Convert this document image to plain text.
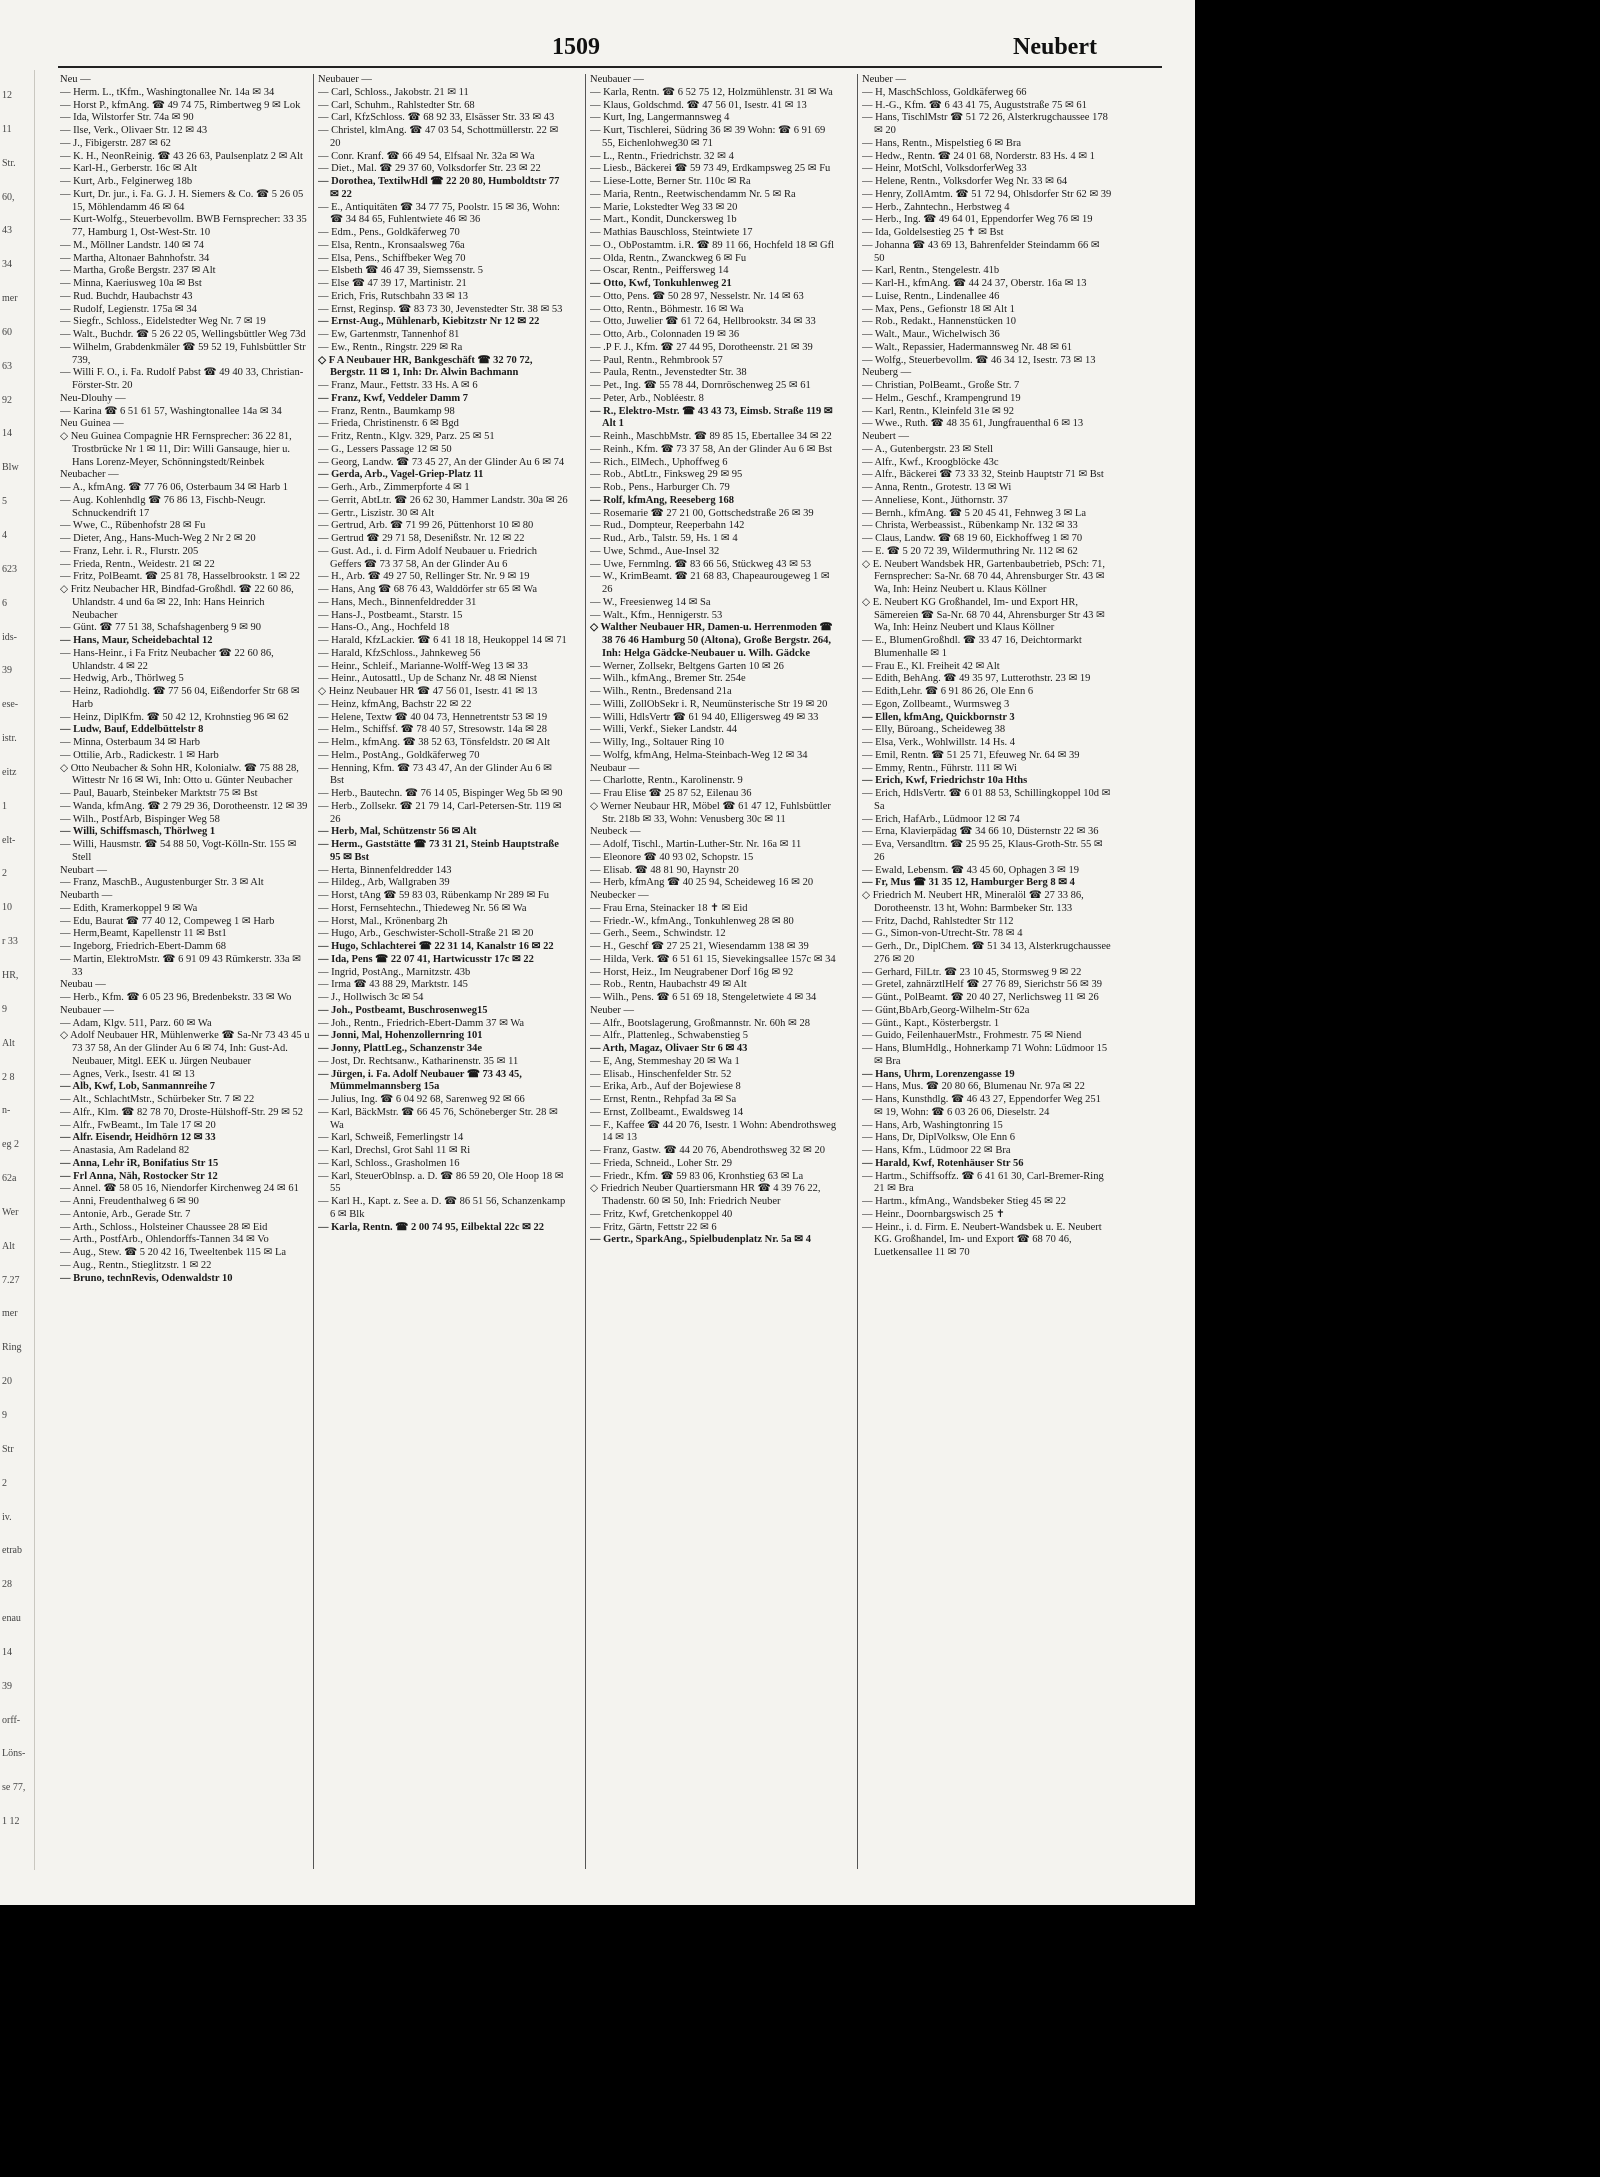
12
11
Str.
60,
43
34
mer
60
63
92
14
Blw
5
4
623
6
ids-
39
ese-
istr.
eitz
1
elt-
2
10
r 33
HR,
9
Alt
2 8
n-
eg 2
62a
Wer
Alt
7.27
mer
Ring
20
9
Str
2
iv.
etrab
28
enau
14
39
orff-
Löns-
se 77,
1 12
1509	Neubert
Neu —
— Herm. L., tKfm., Washingtonallee Nr. 14a ✉ 34
— Horst P., kfmAng. ☎ 49 74 75, Rimbertweg 9 ✉ Lok
— Ida, Wilstorfer Str. 74a ✉ 90
— Ilse, Verk., Olivaer Str. 12 ✉ 43
— J., Fibigerstr. 287 ✉ 62
— K. H., NeonReinig. ☎ 43 26 63, Paulsenplatz 2 ✉ Alt
— Karl-H., Gerberstr. 16c ✉ Alt
— Kurt, Arb., Felginerweg 18b
— Kurt, Dr. jur., i. Fa. G. J. H. Siemers & Co. ☎ 5 26 05 15, Möhlendamm 46 ✉ 64
— Kurt-Wolfg., Steuerbevollm. BWB Fernsprecher: 33 35 77, Hamburg 1, Ost-West-Str. 10
— M., Möllner Landstr. 140 ✉ 74
— Martha, Altonaer Bahnhofstr. 34
— Martha, Große Bergstr. 237 ✉ Alt
— Minna, Kaeriusweg 10a ✉ Bst
— Rud. Buchdr, Haubachstr 43
— Rudolf, Legienstr. 175a ✉ 34
— Siegfr., Schloss., Eidelstedter Weg Nr. 7 ✉ 19
— Walt., Buchdr. ☎ 5 26 22 05, Wellingsbüttler Weg 73d
— Wilhelm, Grabdenkmäler ☎ 59 52 19, Fuhlsbüttler Str 739,
— Willi F. O., i. Fa. Rudolf Pabst ☎ 49 40 33, Christian-Förster-Str. 20
Neu-Dlouhy —
— Karina ☎ 6 51 61 57, Washingtonallee 14a ✉ 34
Neu Guinea —
◇ Neu Guinea Compagnie HR Fernsprecher: 36 22 81, Trostbrücke Nr 1 ✉ 11, Dir: Willi Gansauge, hier u. Hans Lorenz-Meyer, Schönningstedt/Reinbek
Neubacher —
— A., kfmAng. ☎ 77 76 06, Osterbaum 34 ✉ Harb 1
— Aug. Kohlenhdlg ☎ 76 86 13, Fischb-Neugr. Schnuckendrift 17
— Wwe, C., Rübenhofstr 28 ✉ Fu
— Dieter, Ang., Hans-Much-Weg 2 Nr 2 ✉ 20
— Franz, Lehr. i. R., Flurstr. 205
— Frieda, Rentn., Weidestr. 21 ✉ 22
— Fritz, PolBeamt. ☎ 25 81 78, Hasselbrookstr. 1 ✉ 22
◇ Fritz Neubacher HR, Bindfad-Großhdl. ☎ 22 60 86, Uhlandstr. 4 und 6a ✉ 22, Inh: Hans Heinrich Neubacher
— Günt. ☎ 77 51 38, Schafshagenberg 9 ✉ 90
— Hans, Maur, Scheidebachtal 12
— Hans-Heinr., i Fa Fritz Neubacher ☎ 22 60 86, Uhlandstr. 4 ✉ 22
— Hedwig, Arb., Thörlweg 5
— Heinz, Radiohdlg. ☎ 77 56 04, Eißendorfer Str 68 ✉ Harb
— Heinz, DiplKfm. ☎ 50 42 12, Krohnstieg 96 ✉ 62
— Ludw, Bauf, Eddelbüttelstr 8
— Minna, Osterbaum 34 ✉ Harb
— Ottilie, Arb., Radickestr. 1 ✉ Harb
◇ Otto Neubacher & Sohn HR, Kolonialw. ☎ 75 88 28, Wittestr Nr 16 ✉ Wi, Inh: Otto u. Günter Neubacher
— Paul, Bauarb, Steinbeker Marktstr 75 ✉ Bst
— Wanda, kfmAng. ☎ 2 79 29 36, Dorotheenstr. 12 ✉ 39
— Wilh., PostfArb, Bispinger Weg 58
— Willi, Schiffsmasch, Thörlweg 1
— Willi, Hausmstr. ☎ 54 88 50, Vogt-Kölln-Str. 155 ✉ Stell
Neubart —
— Franz, MaschB., Augustenburger Str. 3 ✉ Alt
Neubarth —
— Edith, Kramerkoppel 9 ✉ Wa
— Edu, Baurat ☎ 77 40 12, Compeweg 1 ✉ Harb
— Herm,Beamt, Kapellenstr 11 ✉ Bst1
— Ingeborg, Friedrich-Ebert-Damm 68
— Martin, ElektroMstr. ☎ 6 91 09 43 Rümkerstr. 33a ✉ 33
Neubau —
— Herb., Kfm. ☎ 6 05 23 96, Bredenbekstr. 33 ✉ Wo
Neubauer —
— Adam, Klgv. 511, Parz. 60 ✉ Wa
◇ Adolf Neubauer HR, Mühlenwerke ☎ Sa-Nr 73 43 45 u 73 37 58, An der Glinder Au 6 ✉ 74, Inh: Gust-Ad. Neubauer, Mitgl. EEK u. Jürgen Neubauer
— Agnes, Verk., Isestr. 41 ✉ 13
— Alb, Kwf, Lob, Sanmannreihe 7
— Alt., SchlachtMstr., Schürbeker Str. 7 ✉ 22
— Alfr., Klm. ☎ 82 78 70, Droste-Hülshoff-Str. 29 ✉ 52
— Alfr., FwBeamt., Im Tale 17 ✉ 20
— Alfr. Eisendr, Heidhörn 12 ✉ 33
— Anastasia, Am Radeland 82
— Anna, Lehr iR, Bonifatius Str 15
— Frl Anna, Näh, Rostocker Str 12
— Annel. ☎ 58 05 16, Niendorfer Kirchenweg 24 ✉ 61
— Anni, Freudenthalweg 6 ✉ 90
— Antonie, Arb., Gerade Str. 7
— Arth., Schloss., Holsteiner Chaussee 28 ✉ Eid
— Arth., PostfArb., Ohlendorffs-Tannen 34 ✉ Vo
— Aug., Stew. ☎ 5 20 42 16, Tweeltenbek 115 ✉ La
— Aug., Rentn., Stieglitzstr. 1 ✉ 22
— Bruno, technRevis, Odenwaldstr 10
Neubauer —
— Carl, Schloss., Jakobstr. 21 ✉ 11
— Carl, Schuhm., Rahlstedter Str. 68
— Carl, KfzSchloss. ☎ 68 92 33, Elsässer Str. 33 ✉ 43
— Christel, klmAng. ☎ 47 03 54, Schottmüllerstr. 22 ✉ 20
— Conr. Kranf. ☎ 66 49 54, Elfsaal Nr. 32a ✉ Wa
— Diet., Mal. ☎ 29 37 60, Volksdorfer Str. 23 ✉ 22
— Dorothea, TextilwHdl ☎ 22 20 80, Humboldtstr 77 ✉ 22
— E., Antiquitäten ☎ 34 77 75, Poolstr. 15 ✉ 36, Wohn: ☎ 34 84 65, Fuhlentwiete 46 ✉ 36
— Edm., Pens., Goldkäferweg 70
— Elsa, Rentn., Kronsaalsweg 76a
— Elsa, Pens., Schiffbeker Weg 70
— Elsbeth ☎ 46 47 39, Siemssenstr. 5
— Else ☎ 47 39 17, Martinistr. 21
— Erich, Fris, Rutschbahn 33 ✉ 13
— Ernst, Reginsp. ☎ 83 73 30, Jevenstedter Str. 38 ✉ 53
— Ernst-Aug., Mühlenarb, Kiebitzstr Nr 12 ✉ 22
— Ew, Gartenmstr, Tannenhof 81
— Ew., Rentn., Ringstr. 229 ✉ Ra
◇ F A Neubauer HR, Bankgeschäft ☎ 32 70 72, Bergstr. 11 ✉ 1, Inh: Dr. Alwin Bachmann
— Franz, Maur., Fettstr. 33 Hs. A ✉ 6
— Franz, Kwf, Veddeler Damm 7
— Franz, Rentn., Baumkamp 98
— Frieda, Christinenstr. 6 ✉ Bgd
— Fritz, Rentn., Klgv. 329, Parz. 25 ✉ 51
— G., Lessers Passage 12 ✉ 50
— Georg, Landw. ☎ 73 45 27, An der Glinder Au 6 ✉ 74
— Gerda, Arb., Vagel-Griep-Platz 11
— Gerh., Arb., Zimmerpforte 4 ✉ 1
— Gerrit, AbtLtr. ☎ 26 62 30, Hammer Landstr. 30a ✉ 26
— Gertr., Liszistr. 30 ✉ Alt
— Gertrud, Arb. ☎ 71 99 26, Püttenhorst 10 ✉ 80
— Gertrud ☎ 29 71 58, Desenißstr. Nr. 12 ✉ 22
— Gust. Ad., i. d. Firm Adolf Neubauer u. Friedrich Geffers ☎ 73 37 58, An der Glinder Au 6
— H., Arb. ☎ 49 27 50, Rellinger Str. Nr. 9 ✉ 19
— Hans, Ang ☎ 68 76 43, Walddörfer str 65 ✉ Wa
— Hans, Mech., Binnenfeldredder 31
— Hans-J., Postbeamt., Starstr. 15
— Hans-O., Ang., Hochfeld 18
— Harald, KfzLackier. ☎ 6 41 18 18, Heukoppel 14 ✉ 71
— Harald, KfzSchloss., Jahnkeweg 56
— Heinr., Schleif., Marianne-Wolff-Weg 13 ✉ 33
— Heinr., Autosattl., Up de Schanz Nr. 48 ✉ Nienst
◇ Heinz Neubauer HR ☎ 47 56 01, Isestr. 41 ✉ 13
— Heinz, kfmAng, Bachstr 22 ✉ 22
— Helene, Textw ☎ 40 04 73, Hennetrentstr 53 ✉ 19
— Helm., Schiffsf. ☎ 78 40 57, Stresowstr. 14a ✉ 28
— Helm., kfmAng. ☎ 38 52 63, Tönsfeldstr. 20 ✉ Alt
— Helm., PostAng., Goldkäferweg 70
— Henning, Kfm. ☎ 73 43 47, An der Glinder Au 6 ✉ Bst
— Herb., Bautechn. ☎ 76 14 05, Bispinger Weg 5b ✉ 90
— Herb., Zollsekr. ☎ 21 79 14, Carl-Petersen-Str. 119 ✉ 26
— Herb, Mal, Schützenstr 56 ✉ Alt
— Herm., Gaststätte ☎ 73 31 21, Steinb Hauptstraße 95 ✉ Bst
— Herta, Binnenfeldredder 143
— Hildeg., Arb, Wallgraben 39
— Horst, tAng ☎ 59 83 03, Rübenkamp Nr 289 ✉ Fu
— Horst, Fernsehtechn., Thiedeweg Nr. 56 ✉ Wa
— Horst, Mal., Krönenbarg 2h
— Hugo, Arb., Geschwister-Scholl-Straße 21 ✉ 20
— Hugo, Schlachterei ☎ 22 31 14, Kanalstr 16 ✉ 22
— Ida, Pens ☎ 22 07 41, Hartwicusstr 17c ✉ 22
— Ingrid, PostAng., Marnitzstr. 43b
— Irma ☎ 43 88 29, Marktstr. 145
— J., Hollwisch 3c ✉ 54
— Joh., Postbeamt, Buschrosenweg15
— Joh., Rentn., Friedrich-Ebert-Damm 37 ✉ Wa
— Jonni, Mal, Hohenzollernring 101
— Jonny, PlattLeg., Schanzenstr 34e
— Jost, Dr. Rechtsanw., Katharinenstr. 35 ✉ 11
— Jürgen, i. Fa. Adolf Neubauer ☎ 73 43 45, Mümmelmannsberg 15a
— Julius, Ing. ☎ 6 04 92 68, Sarenweg 92 ✉ 66
— Karl, BäckMstr. ☎ 66 45 76, Schöneberger Str. 28 ✉ Wa
— Karl, Schweiß, Femerlingstr 14
— Karl, Drechsl, Grot Sahl 11 ✉ Ri
— Karl, Schloss., Grasholmen 16
— Karl, SteuerOblnsp. a. D. ☎ 86 59 20, Ole Hoop 18 ✉ 55
— Karl H., Kapt. z. See a. D. ☎ 86 51 56, Schanzenkamp 6 ✉ Blk
— Karla, Rentn. ☎ 2 00 74 95, Eilbektal 22c ✉ 22
Neubauer —
— Karla, Rentn. ☎ 6 52 75 12, Holzmühlenstr. 31 ✉ Wa
— Klaus, Goldschmd. ☎ 47 56 01, Isestr. 41 ✉ 13
— Kurt, Ing, Langermannsweg 4
— Kurt, Tischlerei, Südring 36 ✉ 39 Wohn: ☎ 6 91 69 55, Eichenlohweg30 ✉ 71
— L., Rentn., Friedrichstr. 32 ✉ 4
— Liesb., Bäckerei ☎ 59 73 49, Erdkampsweg 25 ✉ Fu
— Liese-Lotte, Berner Str. 110c ✉ Ra
— Maria, Rentn., Reetwischendamm Nr. 5 ✉ Ra
— Marie, Lokstedter Weg 33 ✉ 20
— Mart., Kondit, Dunckersweg 1b
— Mathias Bauschloss, Steintwiete 17
— O., ObPostamtm. i.R. ☎ 89 11 66, Hochfeld 18 ✉ Gfl
— Olda, Rentn., Zwanckweg 6 ✉ Fu
— Oscar, Rentn., Peiffersweg 14
— Otto, Kwf, Tonkuhlenweg 21
— Otto, Pens. ☎ 50 28 97, Nesselstr. Nr. 14 ✉ 63
— Otto, Rentn., Böhmestr. 16 ✉ Wa
— Otto, Juwelier ☎ 61 72 64, Hellbrookstr. 34 ✉ 33
— Otto, Arb., Colonnaden 19 ✉ 36
— .P F. J., Kfm. ☎ 27 44 95, Dorotheenstr. 21 ✉ 39
— Paul, Rentn., Rehmbrook 57
— Paula, Rentn., Jevenstedter Str. 38
— Pet., Ing. ☎ 55 78 44, Dornröschenweg 25 ✉ 61
— Peter, Arb., Nobléestr. 8
— R., Elektro-Mstr. ☎ 43 43 73, Eimsb. Straße 119 ✉ Alt 1
— Reinh., MaschbMstr. ☎ 89 85 15, Ebertallee 34 ✉ 22
— Reinh., Kfm. ☎ 73 37 58, An der Glinder Au 6 ✉ Bst
— Rich., ElMech., Uphoffweg 6
— Rob., AbtLtr., Finksweg 29 ✉ 95
— Rob., Pens., Harburger Ch. 79
— Rolf, kfmAng, Reeseberg 168
— Rosemarie ☎ 27 21 00, Gottschedstraße 26 ✉ 39
— Rud., Dompteur, Reeperbahn 142
— Rud., Arb., Talstr. 59, Hs. 1 ✉ 4
— Uwe, Schmd., Aue-Insel 32
— Uwe, Fernmlng. ☎ 83 66 56, Stückweg 43 ✉ 53
— W., KrimBeamt. ☎ 21 68 83, Chapeaurougeweg 1 ✉ 26
— W., Freesienweg 14 ✉ Sa
— Walt., Kfm., Hennigerstr. 53
◇ Walther Neubauer HR, Damen-u. Herrenmoden ☎ 38 76 46 Hamburg 50 (Altona), Große Bergstr. 264, Inh: Helga Gädcke-Neubauer u. Wilh. Gädcke
— Werner, Zollsekr, Beltgens Garten 10 ✉ 26
— Wilh., kfmAng., Bremer Str. 254e
— Wilh., Rentn., Bredensand 21a
— Willi, ZollObSekr i. R, Neumünsterische Str 19 ✉ 20
— Willi, HdlsVertr ☎ 61 94 40, Elligersweg 49 ✉ 33
— Willi, Verkf., Sieker Landstr. 44
— Willy, Ing., Soltauer Ring 10
— Wolfg, kfmAng, Helma-Steinbach-Weg 12 ✉ 34
Neubaur —
— Charlotte, Rentn., Karolinenstr. 9
— Frau Elise ☎ 25 87 52, Eilenau 36
◇ Werner Neubaur HR, Möbel ☎ 61 47 12, Fuhlsbüttler Str. 218b ✉ 33, Wohn: Venusberg 30c ✉ 11
Neubeck —
— Adolf, Tischl., Martin-Luther-Str. Nr. 16a ✉ 11
— Eleonore ☎ 40 93 02, Schopstr. 15
— Elisab. ☎ 48 81 90, Haynstr 20
— Herb, kfmAng ☎ 40 25 94, Scheideweg 16 ✉ 20
Neubecker —
— Frau Erna, Steinacker 18 ✝ ✉ Eid
— Friedr.-W., kfmAng., Tonkuhlenweg 28 ✉ 80
— Gerh., Seem., Schwindstr. 12
— H., Geschf ☎ 27 25 21, Wiesendamm 138 ✉ 39
— Hilda, Verk. ☎ 6 51 61 15, Sievekingsallee 157c ✉ 34
— Horst, Heiz., Im Neugrabener Dorf 16g ✉ 92
— Rob., Rentn, Haubachstr 49 ✉ Alt
— Wilh., Pens. ☎ 6 51 69 18, Stengeletwiete 4 ✉ 34
Neuber —
— Alfr., Bootslagerung, Großmannstr. Nr. 60h ✉ 28
— Alfr., Plattenleg., Schwabenstieg 5
— Arth, Magaz, Olivaer Str 6 ✉ 43
— E, Ang, Stemmeshay 20 ✉ Wa 1
— Elisab., Hinschenfelder Str. 52
— Erika, Arb., Auf der Bojewiese 8
— Ernst, Rentn., Rehpfad 3a ✉ Sa
— Ernst, Zollbeamt., Ewaldsweg 14
— F., Kaffee ☎ 44 20 76, Isestr. 1 Wohn: Abendrothsweg 14 ✉ 13
— Franz, Gastw. ☎ 44 20 76, Abendrothsweg 32 ✉ 20
— Frieda, Schneid., Loher Str. 29
— Friedr., Kfm. ☎ 59 83 06, Kronhstieg 63 ✉ La
◇ Friedrich Neuber Quartiersmann HR ☎ 4 39 76 22, Thadenstr. 60 ✉ 50, Inh: Friedrich Neuber
— Fritz, Kwf, Gretchenkoppel 40
— Fritz, Gärtn, Fettstr 22 ✉ 6
— Gertr., SparkAng., Spielbudenplatz Nr. 5a ✉ 4
Neuber —
— H, MaschSchloss, Goldkäferweg 66
— H.-G., Kfm. ☎ 6 43 41 75, Auguststraße 75 ✉ 61
— Hans, TischlMstr ☎ 51 72 26, Alsterkrugchaussee 178 ✉ 20
— Hans, Rentn., Mispelstieg 6 ✉ Bra
— Hedw., Rentn. ☎ 24 01 68, Norderstr. 83 Hs. 4 ✉ 1
— Heinr, MotSchl, VolksdorferWeg 33
— Helene, Rentn., Volksdorfer Weg Nr. 33 ✉ 64
— Henry, ZollAmtm. ☎ 51 72 94, Ohlsdorfer Str 62 ✉ 39
— Herb., Zahntechn., Herbstweg 4
— Herb., Ing. ☎ 49 64 01, Eppendorfer Weg 76 ✉ 19
— Ida, Goldelsestieg 25 ✝ ✉ Bst
— Johanna ☎ 43 69 13, Bahrenfelder Steindamm 66 ✉ 50
— Karl, Rentn., Stengelestr. 41b
— Karl-H., kfmAng. ☎ 44 24 37, Oberstr. 16a ✉ 13
— Luise, Rentn., Lindenallee 46
— Max, Pens., Gefionstr 18 ✉ Alt 1
— Rob., Redakt., Hannenstücken 10
— Walt., Maur., Wichelwisch 36
— Walt., Repassier, Hadermannsweg Nr. 48 ✉ 61
— Wolfg., Steuerbevollm. ☎ 46 34 12, Isestr. 73 ✉ 13
Neuberg —
— Christian, PolBeamt., Große Str. 7
— Helm., Geschf., Krampengrund 19
— Karl, Rentn., Kleinfeld 31e ✉ 92
— Wwe., Ruth. ☎ 48 35 61, Jungfrauenthal 6 ✉ 13
Neubert —
— A., Gutenbergstr. 23 ✉ Stell
— Alfr., Kwf., Kroogblöcke 43c
— Alfr., Bäckerei ☎ 73 33 32, Steinb Hauptstr 71 ✉ Bst
— Anna, Rentn., Grotestr. 13 ✉ Wi
— Anneliese, Kont., Jüthornstr. 37
— Bernh., kfmAng. ☎ 5 20 45 41, Fehnweg 3 ✉ La
— Christa, Werbeassist., Rübenkamp Nr. 132 ✉ 33
— Claus, Landw. ☎ 68 19 60, Eickhoffweg 1 ✉ 70
— E. ☎ 5 20 72 39, Wildermuthring Nr. 112 ✉ 62
◇ E. Neubert Wandsbek HR, Gartenbaubetrieb, PSch: 71, Fernsprecher: Sa-Nr. 68 70 44, Ahrensburger Str. 43 ✉ Wa, Inh: Heinz Neubert u. Klaus Köllner
◇ E. Neubert KG Großhandel, Im- und Export HR, Sämereien ☎ Sa-Nr. 68 70 44, Ahrensburger Str 43 ✉ Wa, Inh: Heinz Neubert und Klaus Köllner
— E., BlumenGroßhdl. ☎ 33 47 16, Deichtormarkt Blumenhalle ✉ 1
— Frau E., Kl. Freiheit 42 ✉ Alt
— Edith, BehAng. ☎ 49 35 97, Lutterothstr. 23 ✉ 19
— Edith,Lehr. ☎ 6 91 86 26, Ole Enn 6
— Egon, Zollbeamt., Wurmsweg 3
— Ellen, kfmAng, Quickbornstr 3
— Elly, Büroang., Scheideweg 38
— Elsa, Verk., Wohlwillstr. 14 Hs. 4
— Emil, Rentn. ☎ 51 25 71, Efeuweg Nr. 64 ✉ 39
— Emmy, Rentn., Führstr. 111 ✉ Wi
— Erich, Kwf, Friedrichstr 10a Hths
— Erich, HdlsVertr. ☎ 6 01 88 53, Schillingkoppel 10d ✉ Sa
— Erich, HafArb., Lüdmoor 12 ✉ 74
— Erna, Klavierpädag ☎ 34 66 10, Düsternstr 22 ✉ 36
— Eva, Versandltrn. ☎ 25 95 25, Klaus-Groth-Str. 55 ✉ 26
— Ewald, Lebensm. ☎ 43 45 60, Ophagen 3 ✉ 19
— Fr, Mus ☎ 31 35 12, Hamburger Berg 8 ✉ 4
◇ Friedrich M. Neubert HR, Mineralöl ☎ 27 33 86, Dorotheenstr. 13 ht, Wohn: Barmbeker Str. 133
— Fritz, Dachd, Rahlstedter Str 112
— G., Simon-von-Utrecht-Str. 78 ✉ 4
— Gerh., Dr., DiplChem. ☎ 51 34 13, Alsterkrugchaussee 276 ✉ 20
— Gerhard, FilLtr. ☎ 23 10 45, Stormsweg 9 ✉ 22
— Gretel, zahnärztlHelf ☎ 27 76 89, Sierichstr 56 ✉ 39
— Günt., PolBeamt. ☎ 20 40 27, Nerlichsweg 11 ✉ 26
— Günt,BbArb,Georg-Wilhelm-Str 62a
— Günt., Kapt., Kösterbergstr. 1
— Guido, FeilenhauerMstr., Frohmestr. 75 ✉ Niend
— Hans, BlumHdlg., Hohnerkamp 71 Wohn: Lüdmoor 15 ✉ Bra
— Hans, Uhrm, Lorenzengasse 19
— Hans, Mus. ☎ 20 80 66, Blumenau Nr. 97a ✉ 22
— Hans, Kunsthdlg. ☎ 46 43 27, Eppendorfer Weg 251 ✉ 19, Wohn: ☎ 6 03 26 06, Dieselstr. 24
— Hans, Arb, Washingtonring 15
— Hans, Dr, DiplVolksw, Ole Enn 6
— Hans, Kfm., Lüdmoor 22 ✉ Bra
— Harald, Kwf, Rotenhäuser Str 56
— Hartm., Schiffsoffz. ☎ 6 41 61 30, Carl-Bremer-Ring 21 ✉ Bra
— Hartm., kfmAng., Wandsbeker Stieg 45 ✉ 22
— Heinr., Doornbargswisch 25 ✝
— Heinr., i. d. Firm. E. Neubert-Wandsbek u. E. Neubert KG. Großhandel, Im- und Export ☎ 68 70 46, Luetkensallee 11 ✉ 70
